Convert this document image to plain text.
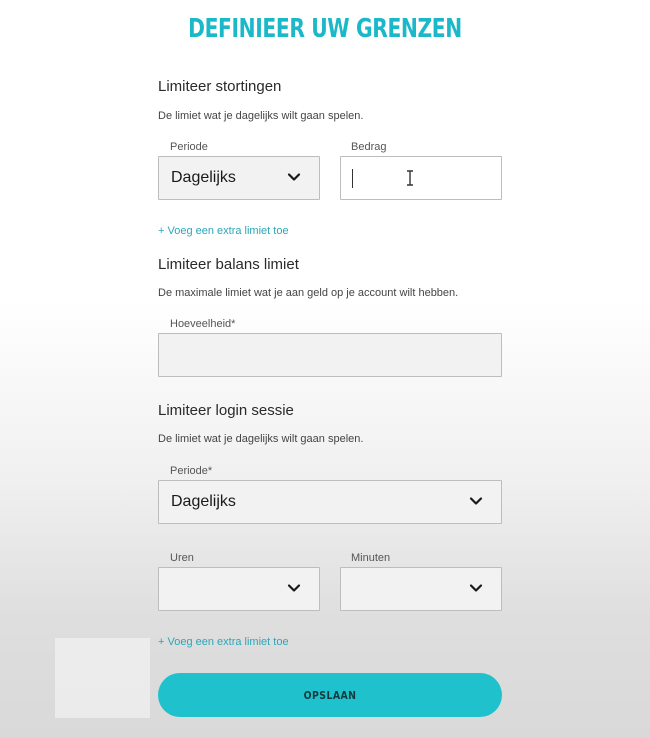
DEFINIEER UW GRENZEN
Limiteer stortingen
De limiet wat je dagelijks wilt gaan spelen.
Periode
Dagelijks
Bedrag
+ Voeg een extra limiet toe
Limiteer balans limiet
De maximale limiet wat je aan geld op je account wilt hebben.
Hoeveelheid*
Limiteer login sessie
De limiet wat je dagelijks wilt gaan spelen.
Periode*
Dagelijks
Uren	Minuten
+ Voeg een extra limiet toe
OPSLAAN
